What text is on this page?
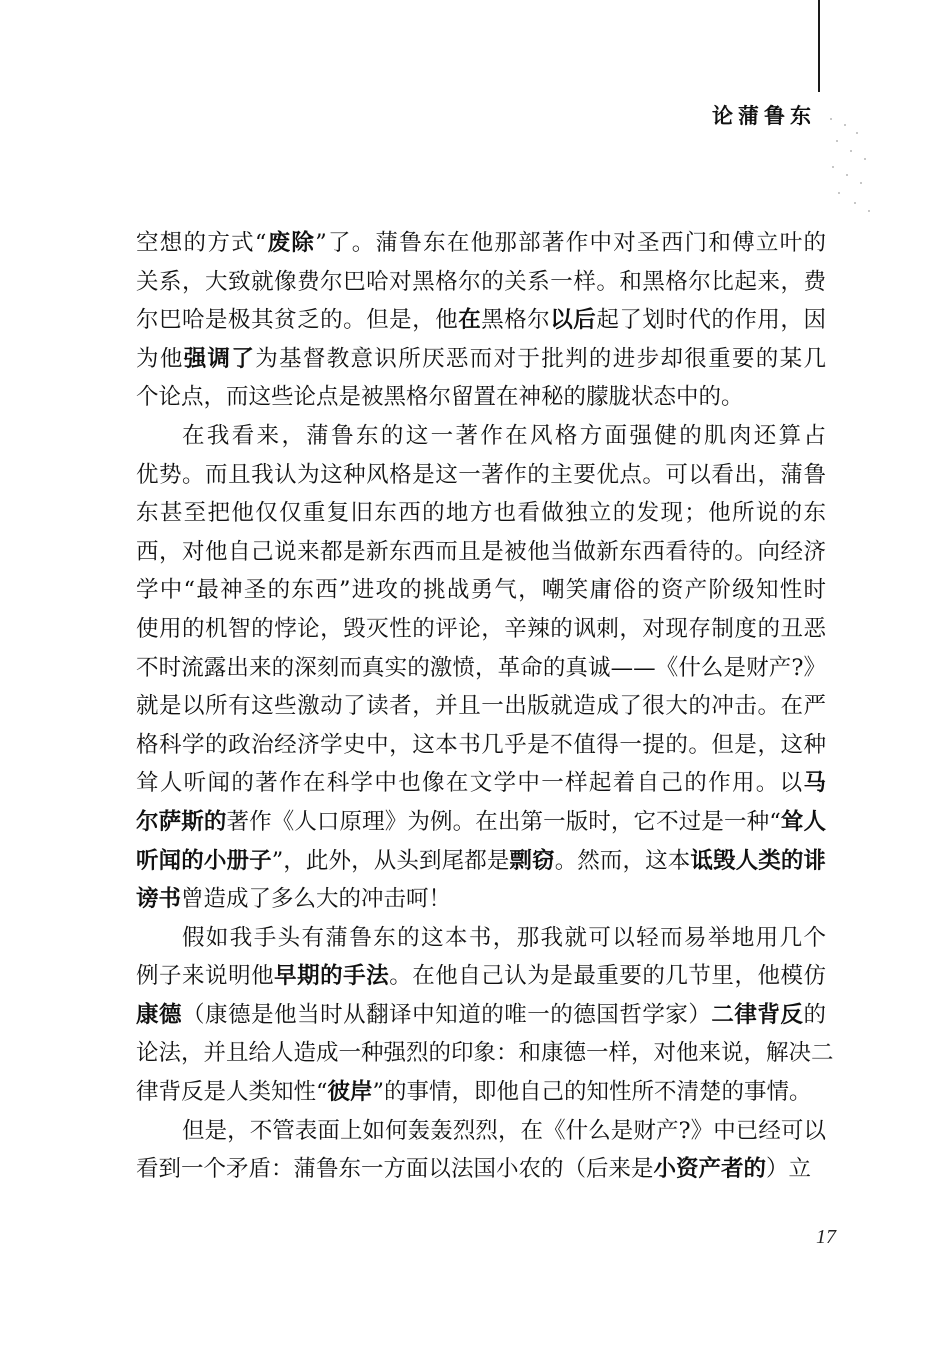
论蒲鲁东
空想的方式“废除”了。蒲鲁东在他那部著作中对圣西门和傅立叶的
关系，大致就像费尔巴哈对黑格尔的关系一样。和黑格尔比起来，费
尔巴哈是极其贫乏的。但是，他在黑格尔以后起了划时代的作用，因
为他强调了为基督教意识所厌恶而对于批判的进步却很重要的某几
个论点，而这些论点是被黑格尔留置在神秘的朦胧状态中的。
在我看来，蒲鲁东的这一著作在风格方面强健的肌肉还算占
优势。而且我认为这种风格是这一著作的主要优点。可以看出，蒲鲁
东甚至把他仅仅重复旧东西的地方也看做独立的发现；他所说的东
西，对他自己说来都是新东西而且是被他当做新东西看待的。向经济
学中“最神圣的东西”进攻的挑战勇气，嘲笑庸俗的资产阶级知性时
使用的机智的悖论，毁灭性的评论，辛辣的讽刺，对现存制度的丑恶
不时流露出来的深刻而真实的激愤，革命的真诚——《什么是财产?》
就是以所有这些激动了读者，并且一出版就造成了很大的冲击。在严
格科学的政治经济学史中，这本书几乎是不值得一提的。但是，这种
耸人听闻的著作在科学中也像在文学中一样起着自己的作用。以马
尔萨斯的著作《人口原理》为例。在出第一版时，它不过是一种“耸人
听闻的小册子”，此外，从头到尾都是剽窃。然而，这本诋毁人类的诽
谤书曾造成了多么大的冲击呵！
假如我手头有蒲鲁东的这本书，那我就可以轻而易举地用几个
例子来说明他早期的手法。在他自己认为是最重要的几节里，他模仿
康德（康德是他当时从翻译中知道的唯一的德国哲学家）二律背反的
论法，并且给人造成一种强烈的印象：和康德一样，对他来说，解决二
律背反是人类知性“彼岸”的事情，即他自己的知性所不清楚的事情。
但是，不管表面上如何轰轰烈烈，在《什么是财产?》中已经可以
看到一个矛盾：蒲鲁东一方面以法国小农的（后来是小资产者的）立
17
